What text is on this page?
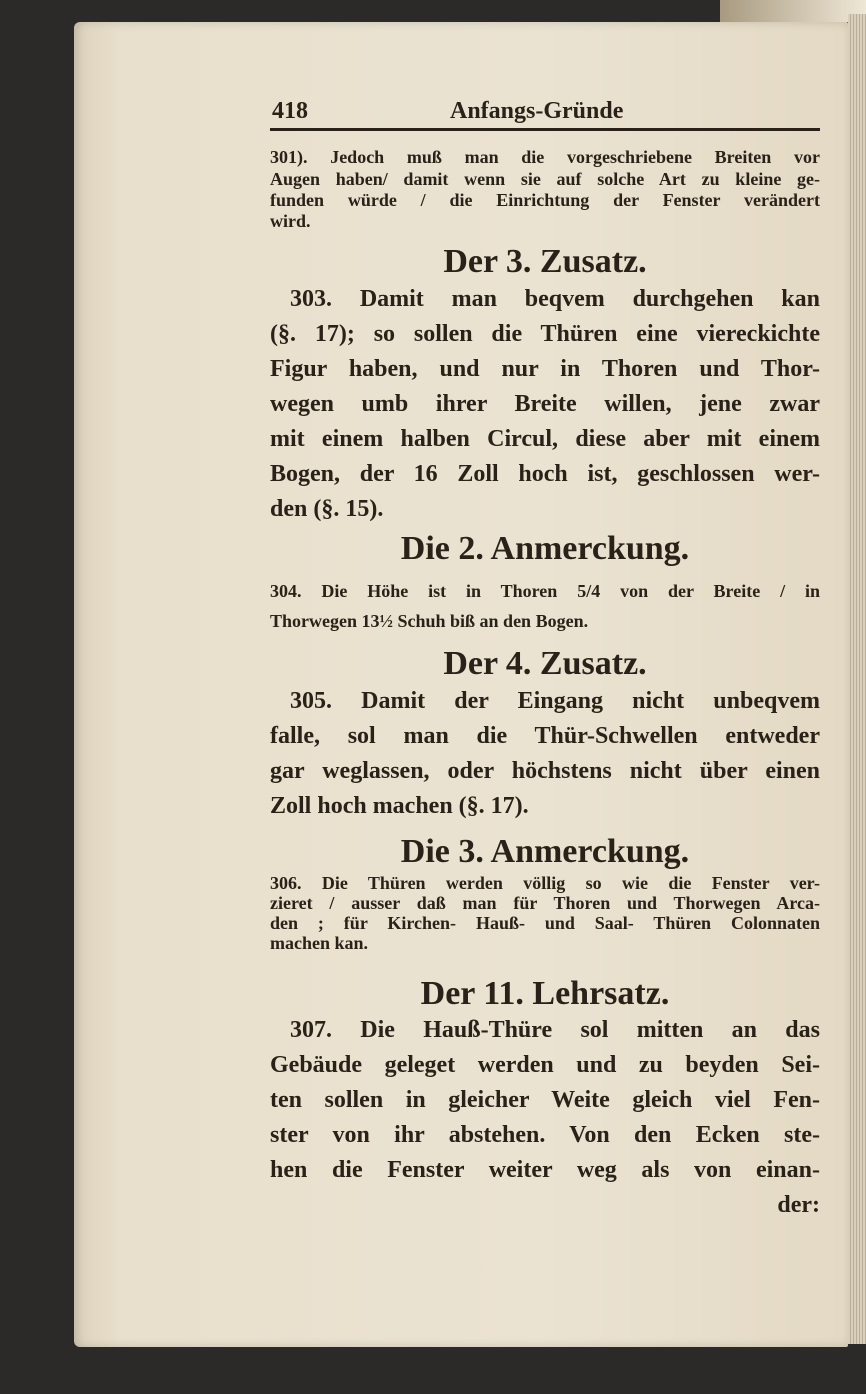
418	Anfangs-Gründe
301). Jedoch muß man die vorgeschriebene Breiten vor
Augen haben/ damit wenn sie auf solche Art zu kleine ge-
funden würde / die Einrichtung der Fenster verändert
wird.
Der 3. Zusatz.
303. Damit man beqvem durchgehen kan
(§. 17); so sollen die Thüren eine viereckichte
Figur haben, und nur in Thoren und Thor-
wegen umb ihrer Breite willen, jene zwar
mit einem halben Circul, diese aber mit einem
Bogen, der 16 Zoll hoch ist, geschlossen wer-
den (§. 15).
Die 2. Anmerckung.
304. Die Höhe ist in Thoren 5/4 von der Breite / in
Thorwegen 13½ Schuh biß an den Bogen.
Der 4. Zusatz.
305. Damit der Eingang nicht unbeqvem
falle, sol man die Thür-Schwellen entweder
gar weglassen, oder höchstens nicht über einen
Zoll hoch machen (§. 17).
Die 3. Anmerckung.
306. Die Thüren werden völlig so wie die Fenster ver-
zieret / ausser daß man für Thoren und Thorwegen Arca-
den ; für Kirchen- Hauß- und Saal- Thüren Colonnaten
machen kan.
Der 11. Lehrsatz.
307. Die Hauß-Thüre sol mitten an das
Gebäude geleget werden und zu beyden Sei-
ten sollen in gleicher Weite gleich viel Fen-
ster von ihr abstehen. Von den Ecken ste-
hen die Fenster weiter weg als von einan-
der:
